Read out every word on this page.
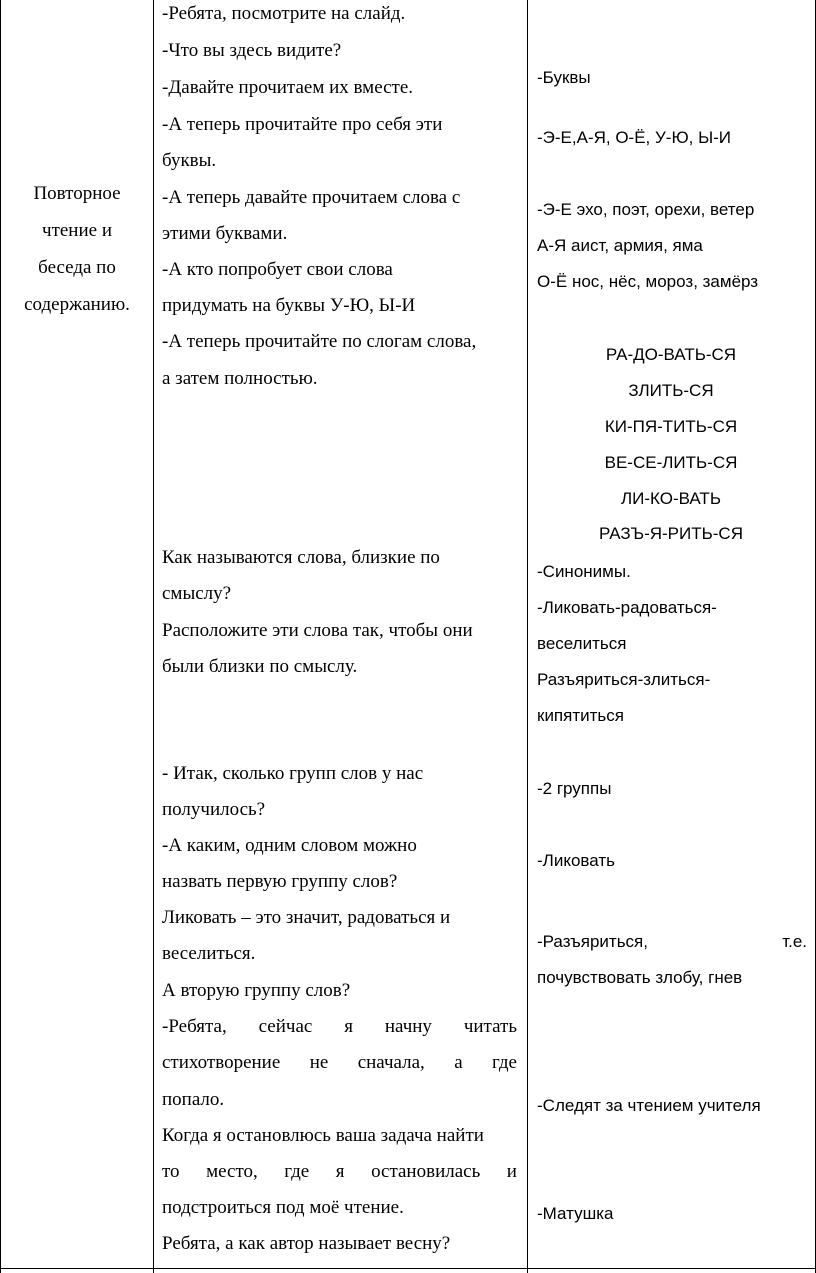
Повторное
чтение и
беседа по
содержанию.
-Ребята, посмотрите на слайд.
-Что вы здесь видите?
-Давайте прочитаем их вместе.
-А теперь прочитайте про себя эти
буквы.
-А теперь давайте прочитаем слова с
этими буквами.
-А кто попробует свои слова
придумать на буквы У-Ю, Ы-И
-А теперь прочитайте по слогам слова,
а затем полностью.
Как называются слова, близкие по
смыслу?
Расположите эти слова так, чтобы они
были близки по смыслу.
- Итак, сколько групп слов у нас
получилось?
-А каким, одним словом можно
назвать первую группу слов?
Ликовать – это значит, радоваться и
веселиться.
А вторую группу слов?
-Ребята, сейчас я начну читать
стихотворение не сначала, а где
попало.
Когда я остановлюсь ваша задача найти
то место, где я остановилась и
подстроиться под моё чтение.
Ребята, а как автор называет весну?
-Буквы
-Э-Е,А-Я, О-Ё, У-Ю, Ы-И
-Э-Е эхо, поэт, орехи, ветер
А-Я аист, армия, яма
О-Ё нос, нёс, мороз, замёрз
РА-ДО-ВАТЬ-СЯ
ЗЛИТЬ-СЯ
КИ-ПЯ-ТИТЬ-СЯ
ВЕ-СЕ-ЛИТЬ-СЯ
ЛИ-КО-ВАТЬ
РАЗЪ-Я-РИТЬ-СЯ
-Синонимы.
-Ликовать-радоваться-
веселиться
Разъяриться-злиться-
кипятиться
-2 группы
-Ликовать
-Разъяриться,	т.е.
почувствовать злобу, гнев
-Следят за чтением учителя
-Матушка
